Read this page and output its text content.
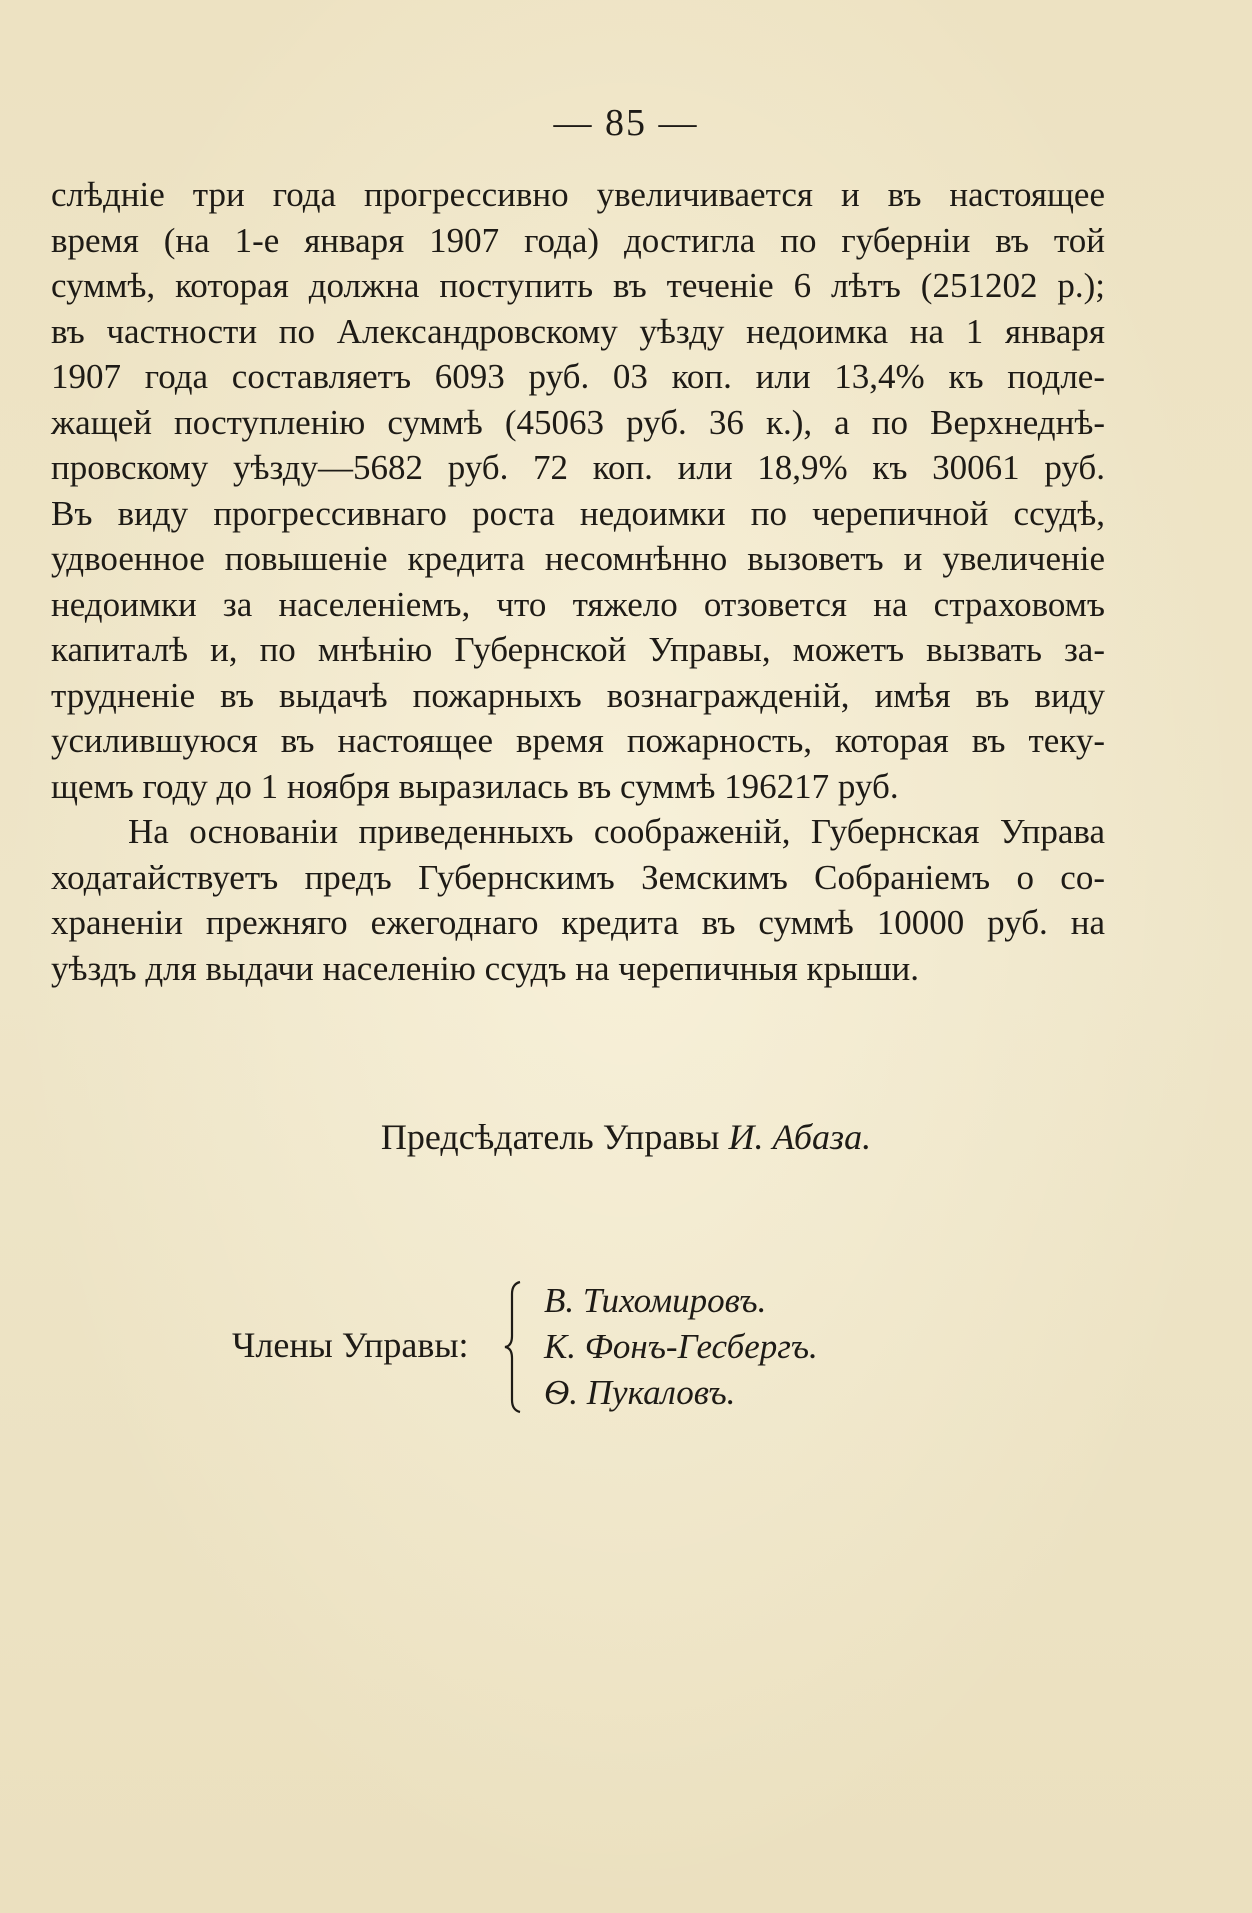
— 85 —
слѣдніе три года прогрессивно увеличивается и въ настоящее
время (на 1-е января 1907 года) достигла по губерніи въ той
суммѣ, которая должна поступить въ теченіе 6 лѣтъ (251202 р.);
въ частности по Александровскому уѣзду недоимка на 1 января
1907 года составляетъ 6093 руб. 03 коп. или 13,4% къ подле-
жащей поступленію суммѣ (45063 руб. 36 к.), а по Верхнеднѣ-
провскому уѣзду—5682 руб. 72 коп. или 18,9% къ 30061 руб.
Въ виду прогрессивнаго роста недоимки по черепичной ссудѣ,
удвоенное повышеніе кредита несомнѣнно вызоветъ и увеличеніе
недоимки за населеніемъ, что тяжело отзовется на страховомъ
капиталѣ и, по мнѣнію Губернской Управы, можетъ вызвать за-
трудненіе въ выдачѣ пожарныхъ вознагражденій, имѣя въ виду
усилившуюся въ настоящее время пожарность, которая въ теку-
щемъ году до 1 ноября выразилась въ суммѣ 196217 руб.
На основаніи приведенныхъ соображеній, Губернская Управа
ходатайствуетъ предъ Губернскимъ Земскимъ Собраніемъ о со-
храненіи прежняго ежегоднаго кредита въ суммѣ 10000 руб. на
уѣздъ для выдачи населенію ссудъ на черепичныя крыши.
Предсѣдатель Управы И. Абаза.
Члены Управы:
В. Тихомировъ.
К. Фонъ-Гесбергъ.
Ѳ. Пукаловъ.
